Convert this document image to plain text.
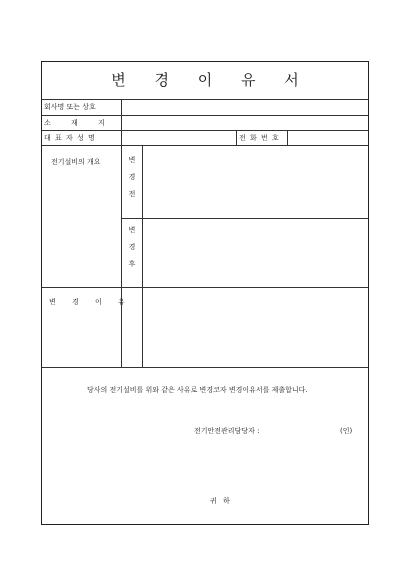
변 경 이 유 서
회사명 또는 상호
소 재 지
대 표 자 성 명	전 화 번 호
전기설비의 개요	변
경
전
변
경
후
변 경 이 유
당사의 전기설비를 위와 같은 사유로 변경코자 변경이유서를 제출합니다.
전기안전관리담당자 :	(인)
귀 하
